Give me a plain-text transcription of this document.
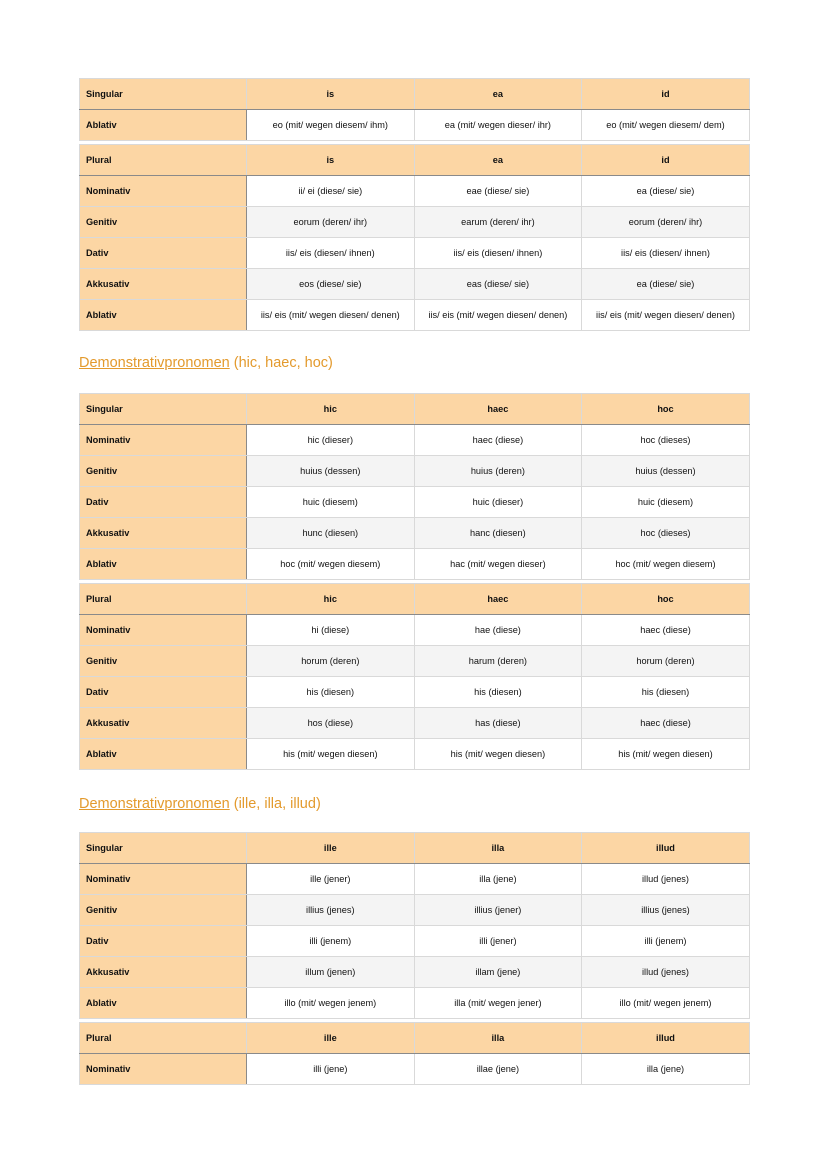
Singular	is	ea	id
Ablativ	eo (mit/ wegen diesem/ ihm)	ea (mit/ wegen dieser/ ihr)	eo (mit/ wegen diesem/ dem)
Plural	is	ea	id
Nominativ	ii/ ei (diese/ sie)	eae (diese/ sie)	ea (diese/ sie)
Genitiv	eorum (deren/ ihr)	earum (deren/ ihr)	eorum (deren/ ihr)
Dativ	iis/ eis (diesen/ ihnen)	iis/ eis (diesen/ ihnen)	iis/ eis (diesen/ ihnen)
Akkusativ	eos (diese/ sie)	eas (diese/ sie)	ea (diese/ sie)
Ablativ	iis/ eis (mit/ wegen diesen/ denen)	iis/ eis (mit/ wegen diesen/ denen)	iis/ eis (mit/ wegen diesen/ denen)
Demonstrativpronomen (hic, haec, hoc)
Singular	hic	haec	hoc
Nominativ	hic (dieser)	haec (diese)	hoc (dieses)
Genitiv	huius (dessen)	huius (deren)	huius (dessen)
Dativ	huic (diesem)	huic (dieser)	huic (diesem)
Akkusativ	hunc (diesen)	hanc (diesen)	hoc (dieses)
Ablativ	hoc (mit/ wegen diesem)	hac (mit/ wegen dieser)	hoc (mit/ wegen diesem)
Plural	hic	haec	hoc
Nominativ	hi (diese)	hae (diese)	haec (diese)
Genitiv	horum (deren)	harum (deren)	horum (deren)
Dativ	his (diesen)	his (diesen)	his (diesen)
Akkusativ	hos (diese)	has (diese)	haec (diese)
Ablativ	his (mit/ wegen diesen)	his (mit/ wegen diesen)	his (mit/ wegen diesen)
Demonstrativpronomen (ille, illa, illud)
Singular	ille	illa	illud
Nominativ	ille (jener)	illa (jene)	illud (jenes)
Genitiv	illius (jenes)	illius (jener)	illius (jenes)
Dativ	illi (jenem)	illi (jener)	illi (jenem)
Akkusativ	illum (jenen)	illam (jene)	illud (jenes)
Ablativ	illo (mit/ wegen jenem)	illa (mit/ wegen jener)	illo (mit/ wegen jenem)
Plural	ille	illa	illud
Nominativ	illi (jene)	illae (jene)	illa (jene)
